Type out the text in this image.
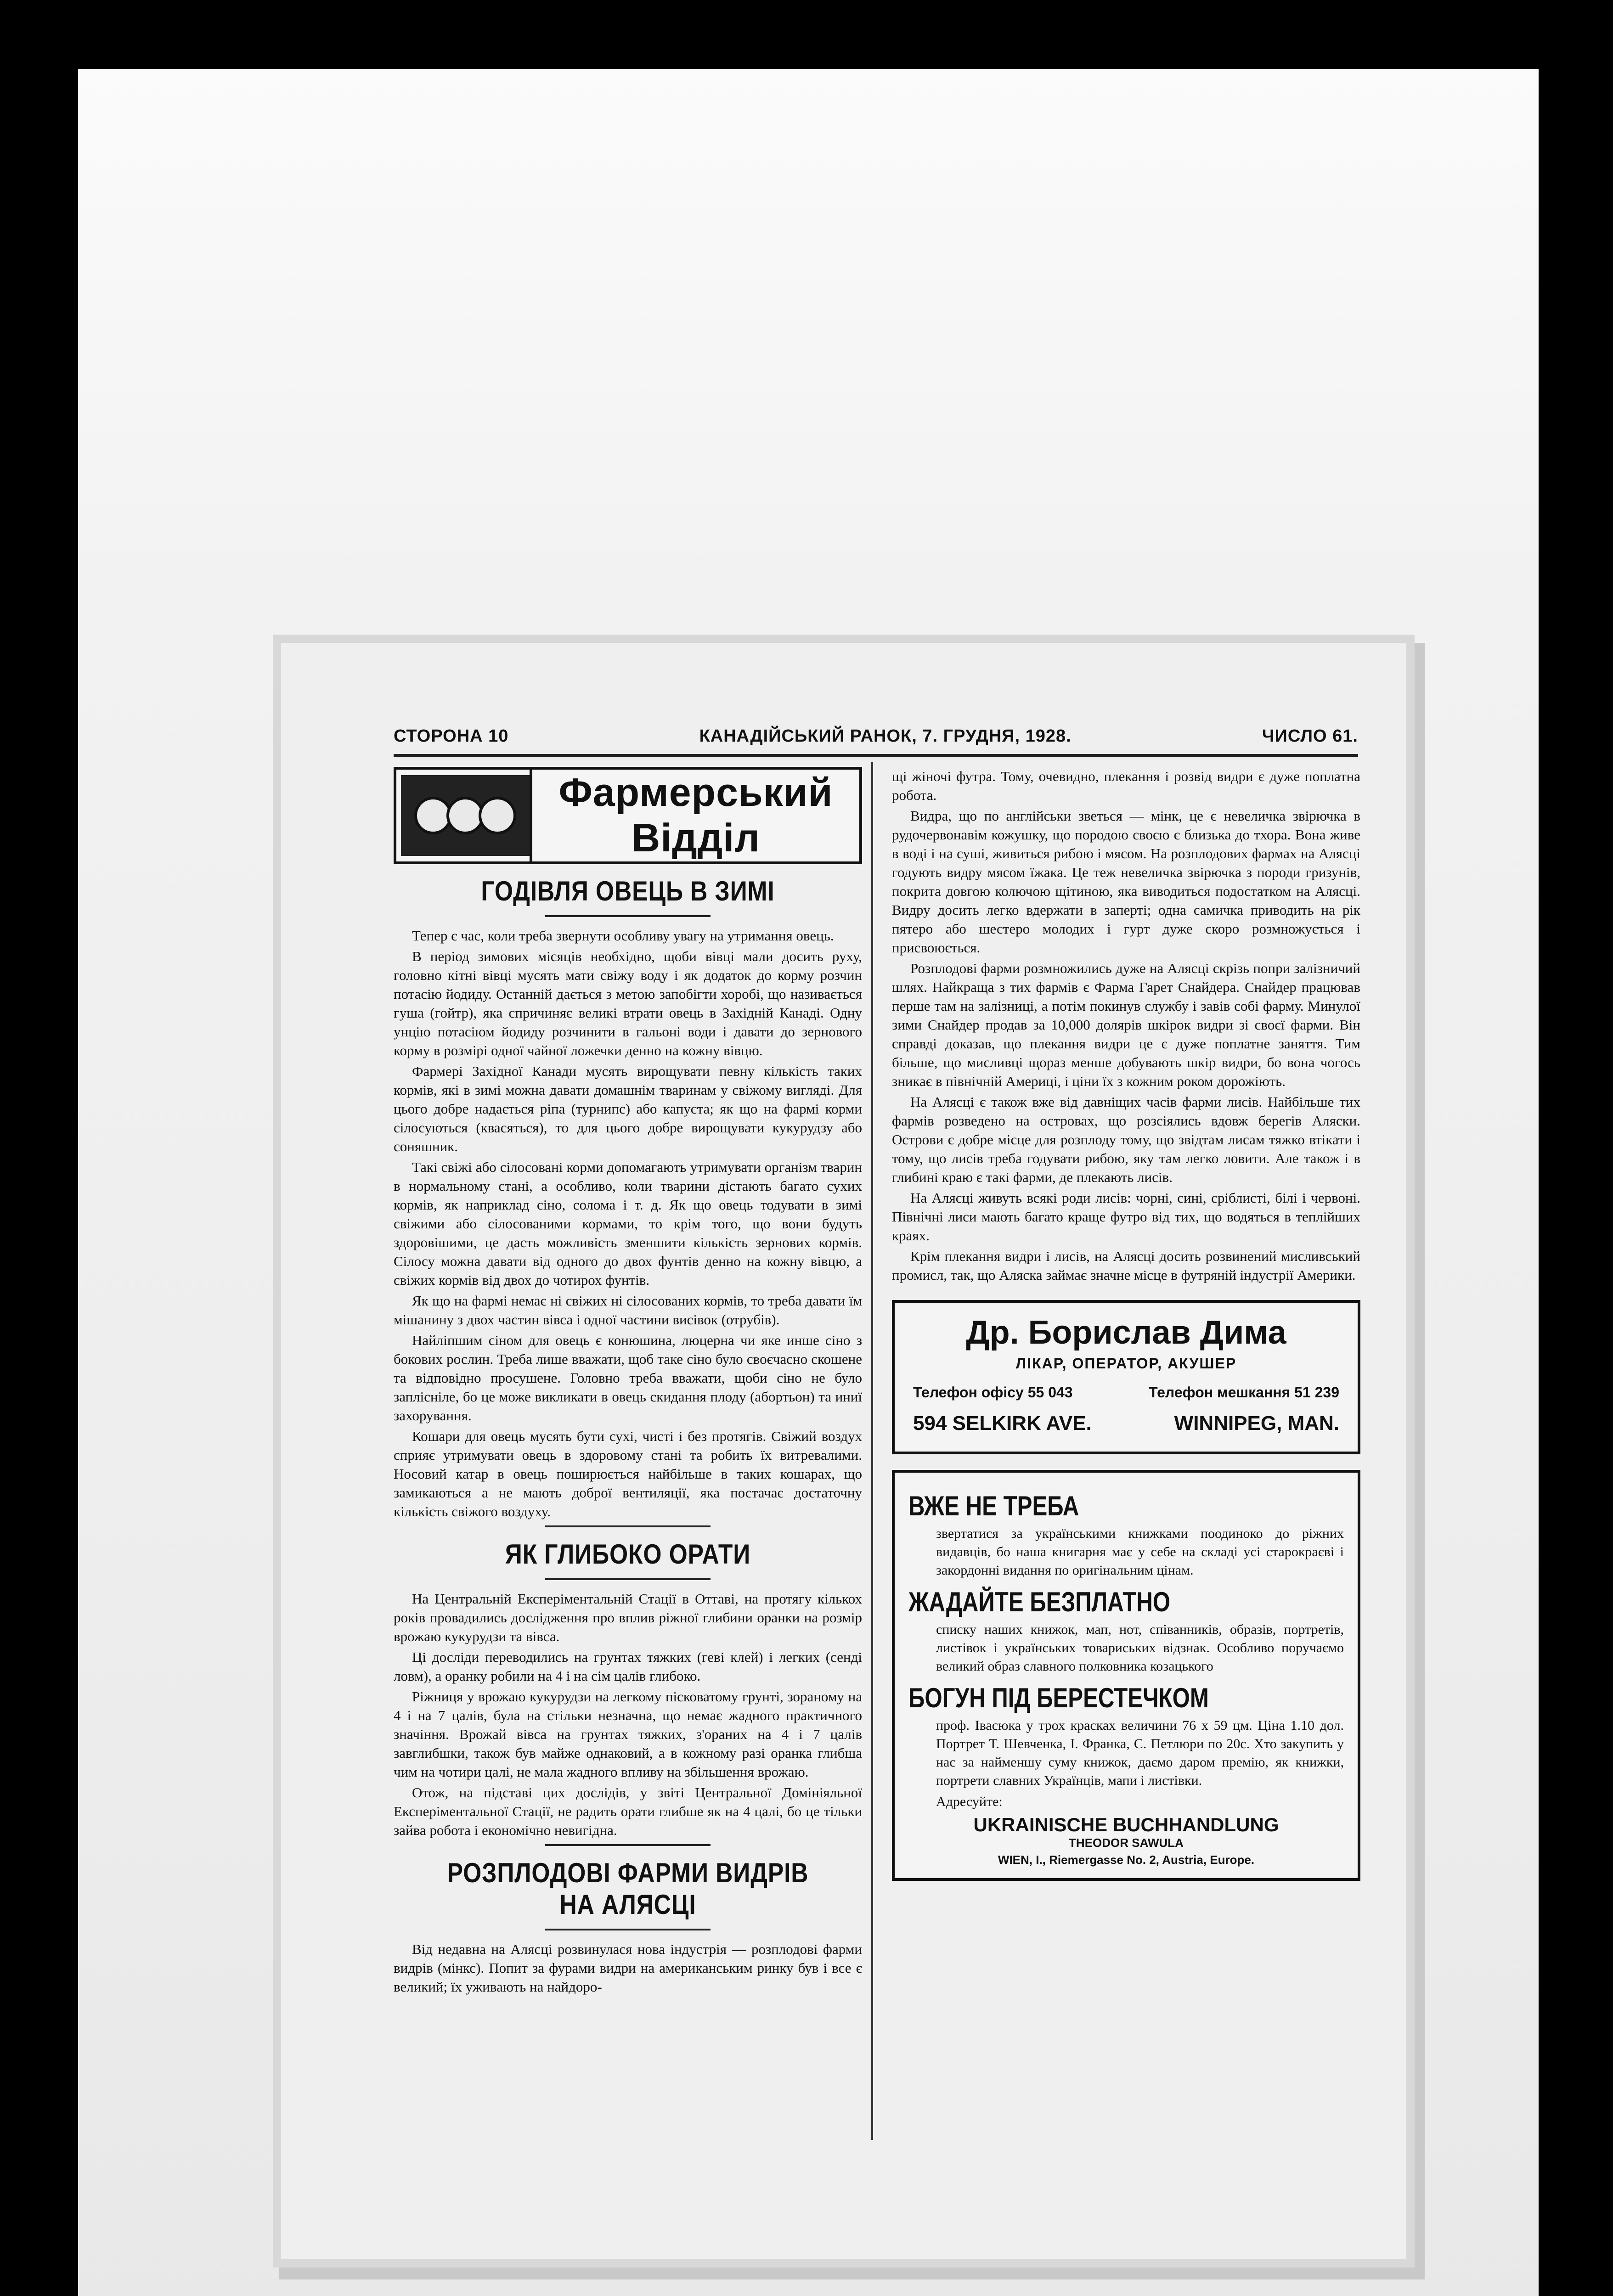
СТОРОНА 10	КАНАДІЙСЬКИЙ РАНОК, 7. ГРУДНЯ, 1928.	ЧИСЛО 61.
Фармерський Відділ
ГОДІВЛЯ ОВЕЦЬ В ЗИМІ

Тепер є час, коли треба звернути особливу увагу на утримання овець.

В період зимових місяців необхідно, щоби вівці мали досить руху, головно кітні вівці мусять мати свіжу воду і як додаток до корму розчин потасію йодиду. Останній дається з метою запобігти хоробі, що називається гуша (гойтр), яка спричиняє великі втрати овець в Західній Канаді. Одну унцію потасіюм йодиду розчинити в гальоні води і давати до зернового корму в розмірі одної чайної ложечки денно на кожну вівцю.

Фармері Західної Канади мусять вирощувати певну кількість таких кормів, які в зимі можна давати домашнім тваринам у свіжому вигляді. Для цього добре надається ріпа (турнипс) або капуста; як що на фармі корми сілосуються (квасяться), то для цього добре вирощувати кукурудзу або соняшник.

Такі свіжі або сілосовані корми допомагають утримувати організм тварин в нормальному стані, а особливо, коли тварини дістають багато сухих кормів, як наприклад сіно, солома і т. д. Як що овець тодувати в зимі свіжими або сілосованими кормами, то крім того, що вони будуть здоровішими, це дасть можливість зменшити кількість зернових кормів. Сілосу можна давати від одного до двох фунтів денно на кожну вівцю, а свіжих кормів від двох до чотирох фунтів.

Як що на фармі немає ні свіжих ні сілосованих кормів, то треба давати їм мішанину з двох частин вівса і одної частини висівок (отрубів).

Найліпшим сіном для овець є конюшина, люцерна чи яке инше сіно з бокових рослин. Треба лише вважати, щоб таке сіно було своєчасно скошене та відповідно просушене. Головно треба вважати, щоби сіно не було заплісніле, бо це може викликати в овець скидання плоду (абортьон) та иниї захорування.

Кошари для овець мусять бути сухі, чисті і без протягів. Свіжий воздух сприяє утримувати овець в здоровому стані та робить їх витревалими. Носовий катар в овець поширюється найбільше в таких кошарах, що замикаються а не мають доброї вентиляції, яка постачає достаточну кількість свіжого воздуху.

ЯК ГЛИБОКО ОРАТИ

На Центральній Експерiментальній Стації в Оттаві, на протягу кількох років провадились дослідження про вплив ріжної глибини оранки на розмір врожаю кукурудзи та вівса.

Ці досліди переводились на грунтах тяжких (геві клей) і легких (сенді ловм), а оранку робили на 4 і на сім цалів глибоко.

Ріжниця у врожаю кукурудзи на легкому пісковатому грунті, зораному на 4 і на 7 цалів, була на стільки незначна, що немає жадного практичного значіння. Врожай вівса на грунтах тяжких, з'ораних на 4 і 7 цалів завглибшки, також був майже однаковий, а в кожному разі оранка глибша чим на чотири цалі, не мала жадного впливу на збільшення врожаю.

Отож, на підставі цих дослідів, у звіті Центральної Домініяльної Експерiментальної Стації, не радить орати глибше як на 4 цалі, бо це тільки зайва робота і економічно невигідна.

РОЗПЛОДОВІ ФАРМИ ВИДРІВ НА АЛЯСЦІ

Від недавна на Алясці розвинулася нова індустрія — розплодові фарми видрів (мінкс). Попит за фурами видри на американським ринку був і все є великий; їх уживають на найдоро-

щі жіночі футра. Тому, очевидно, плекання і розвід видри є дуже поплатна робота.

Видра, що по англійськи зветься — мінк, це є невеличка звірючка в рудочервонавім кожушку, що породою своєю є близька до тхора. Вона живе в воді і на суші, живиться рибою і мясом. На розплодових фармах на Алясці годують видру мясом їжака. Це теж невеличка звірючка з породи гризунів, покрита довгою колючою щітиною, яка виводиться подостатком на Алясці. Видру досить легко вдержати в заперті; одна самичка приводить на рік пятеро або шестеро молодих і гурт дуже скоро розмножується і присвоюється.

Розплодові фарми розмножились дуже на Алясці скрізь попри залізничий шлях. Найкраща з тих фармів є Фарма Гарет Снайдера. Снайдер працював перше там на залізниці, а потім покинув службу і завів собі фарму. Минулої зими Снайдер продав за 10,000 долярів шкірок видри зі своєї фарми. Він справді доказав, що плекання видри це є дуже поплатне заняття. Тим більше, що мисливці щораз менше добувають шкір видри, бо вона чогось зникає в північній Америці, і ціни їх з кожним роком дорожіють.

На Алясці є також вже від давніщих часів фарми лисів. Найбільше тих фармів розведено на островах, що розсіялись вдовж берегів Аляски. Острови є добре місце для розплоду тому, що звідтам лисам тяжко втікати і тому, що лисів треба годувати рибою, яку там легко ловити. Але також і в глибині краю є такі фарми, де плекають лисів.

На Алясці живуть всякі роди лисів: чорні, сині, срiблисті, білі і червоні. Північні лиси мають багато краще футро від тих, що водяться в теплійших краях.

Крім плекання видри і лисів, на Алясці досить розвинений мисливський промисл, так, що Аляска займає значне місце в футряній індустрії Америки.

Др. Борислав Дима
ЛІКАР, ОПЕРАТОР, АКУШЕР
Телефон офісу 55 043	Телефон мешкання 51 239
594 SELKIRK AVE.	WINNIPEG, MAN.
ВЖЕ НЕ ТРЕБА

звертатися за українськими книжками поодиноко до ріжних видавців, бо наша книгарня має у себе на складі усі старокраєві і закордонні видання по оригінальним цінам.

ЖАДАЙТЕ БЕЗПЛАТНО

списку наших книжок, мап, нот, співанників, образів, портретів, листівок і українських товариських відзнак. Особливо поручаємо великий образ славного полковника козацького

БОГУН ПІД БЕРЕСТЕЧКОМ

проф. Івасюка у трох красках величини 76 x 59 цм. Ціна 1.10 дол. Портрет Т. Шевченка, І. Франка, С. Петлюри по 20c. Хто закупить у нас за найменшу суму книжок, даємо даром премію, як книжки, портрети славних Українців, мапи і листівки.

Адресуйте:

UKRAINISCHE BUCHHANDLUNG
THEODOR SAWULA
WIEN, I., Riemergasse No. 2, Austria, Europe.
